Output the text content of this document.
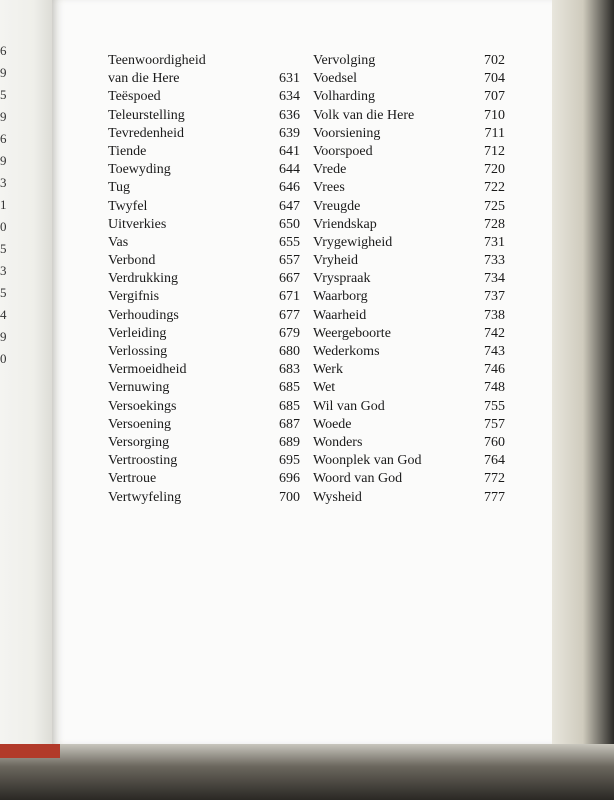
6
9
5
9
6
9
3
1
0
5
3
5
4
9
0
Teenwoordigheid
van die Here	631
Teëspoed	634
Teleurstelling	636
Tevredenheid	639
Tiende	641
Toewyding	644
Tug	646
Twyfel	647
Uitverkies	650
Vas	655
Verbond	657
Verdrukking	667
Vergifnis	671
Verhoudings	677
Verleiding	679
Verlossing	680
Vermoeidheid	683
Vernuwing	685
Versoekings	685
Versoening	687
Versorging	689
Vertroosting	695
Vertroue	696
Vertwyfeling	700
Vervolging	702
Voedsel	704
Volharding	707
Volk van die Here	710
Voorsiening	711
Voorspoed	712
Vrede	720
Vrees	722
Vreugde	725
Vriendskap	728
Vrygewigheid	731
Vryheid	733
Vryspraak	734
Waarborg	737
Waarheid	738
Weergeboorte	742
Wederkoms	743
Werk	746
Wet	748
Wil van God	755
Woede	757
Wonders	760
Woonplek van God	764
Woord van God	772
Wysheid	777
